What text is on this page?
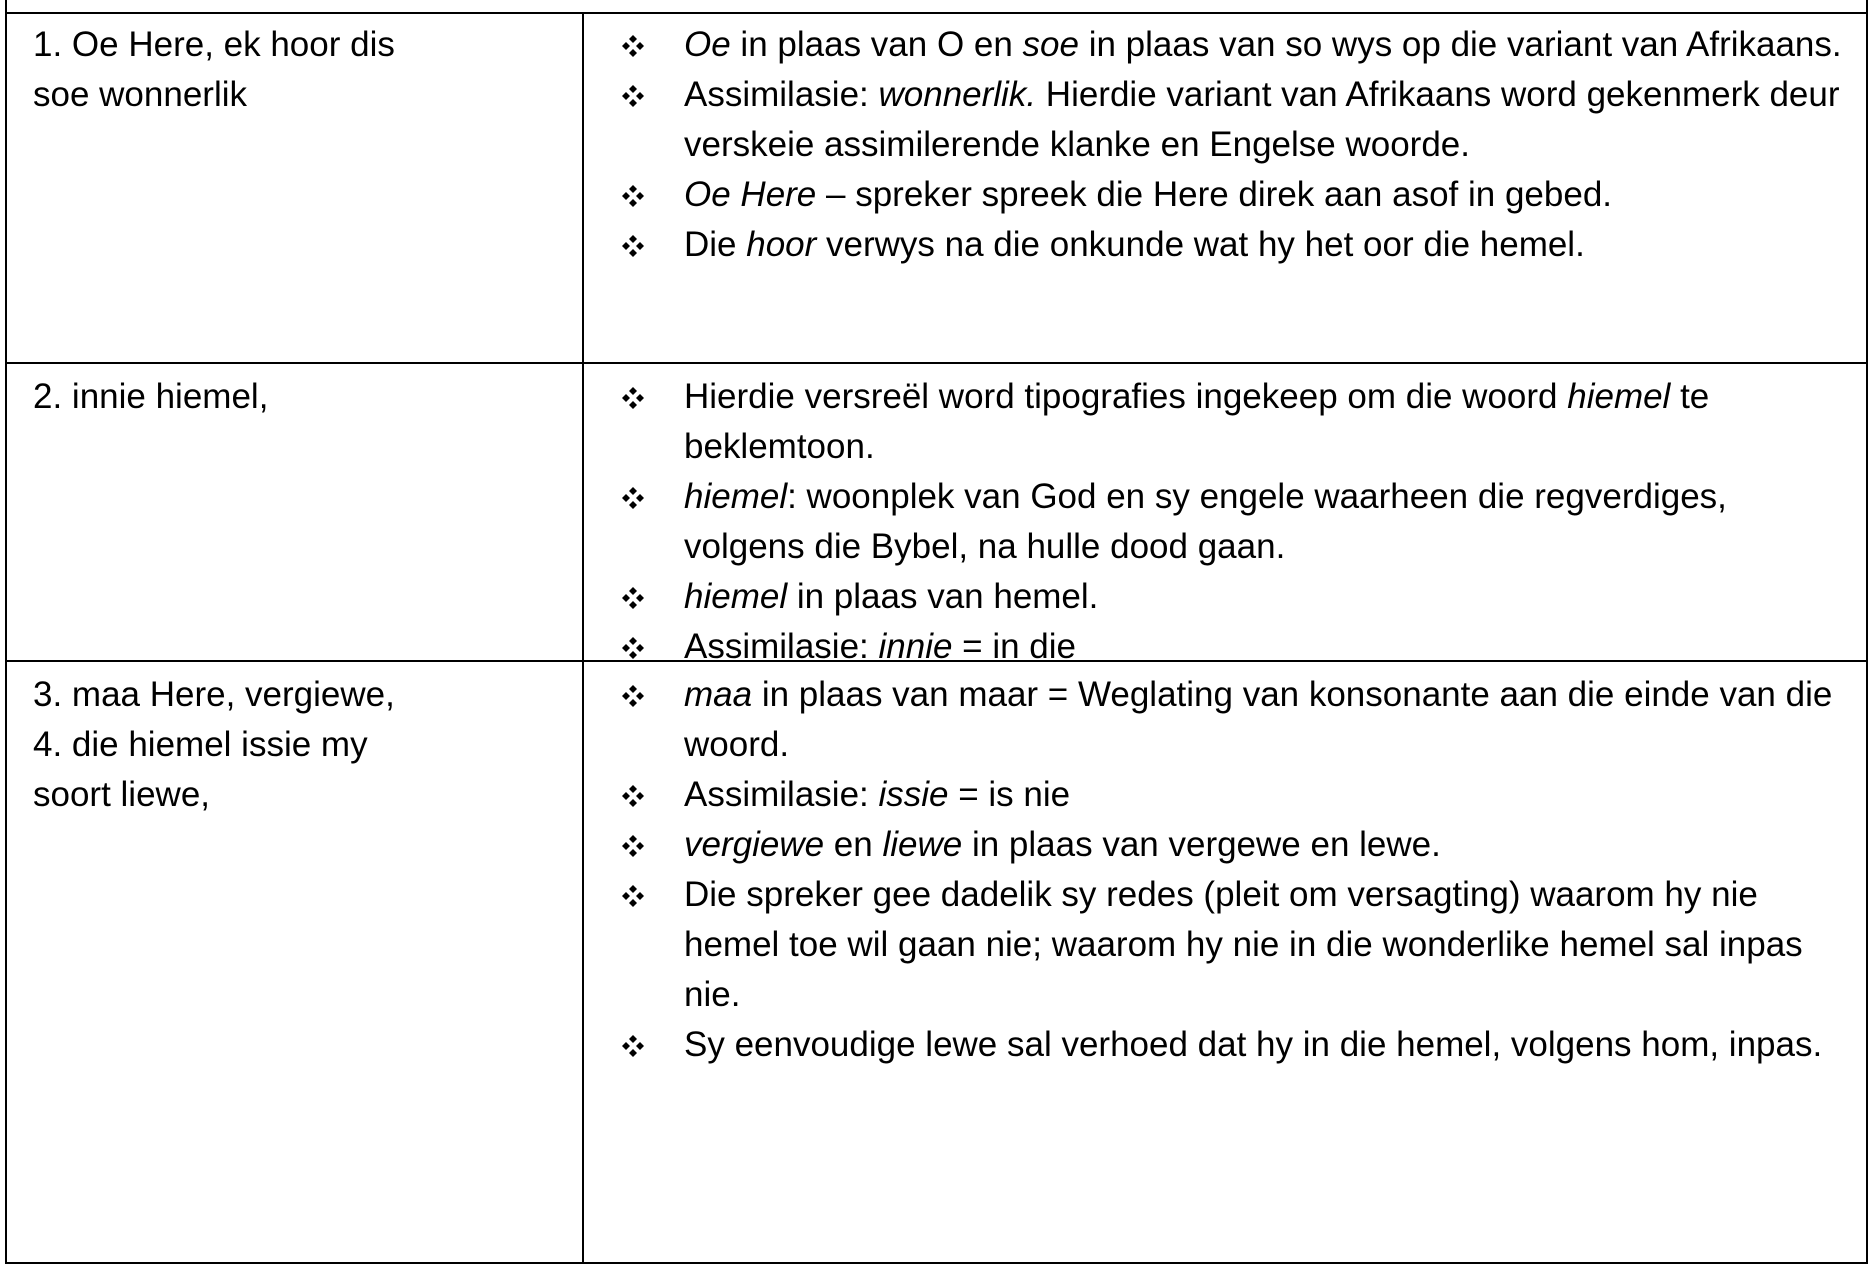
1. Oe Here, ek hoor dis
soe wonnerlik
Oe in plaas van O en soe in plaas van so wys op die variant van Afrikaans.
Assimilasie: wonnerlik. Hierdie variant van Afrikaans word gekenmerk deur verskeie assimilerende klanke en Engelse woorde.
Oe Here – spreker spreek die Here direk aan asof in gebed.
Die hoor verwys na die onkunde wat hy het oor die hemel.
2. innie hiemel,	Hierdie versreël word tipografies ingekeep om die woord hiemel te beklemtoon.
hiemel: woonplek van God en sy engele waarheen die regverdiges, volgens die Bybel, na hulle dood gaan.
hiemel in plaas van hemel.
Assimilasie: innie = in die
3. maa Here, vergiewe,
4. die hiemel issie my
soort liewe,
maa in plaas van maar = Weglating van konsonante aan die einde van die woord.
Assimilasie: issie = is nie
vergiewe en liewe in plaas van vergewe en lewe.
Die spreker gee dadelik sy redes (pleit om versagting) waarom hy nie hemel toe wil gaan nie; waarom hy nie in die wonderlike hemel sal inpas nie.
Sy eenvoudige lewe sal verhoed dat hy in die hemel, volgens hom, inpas.
